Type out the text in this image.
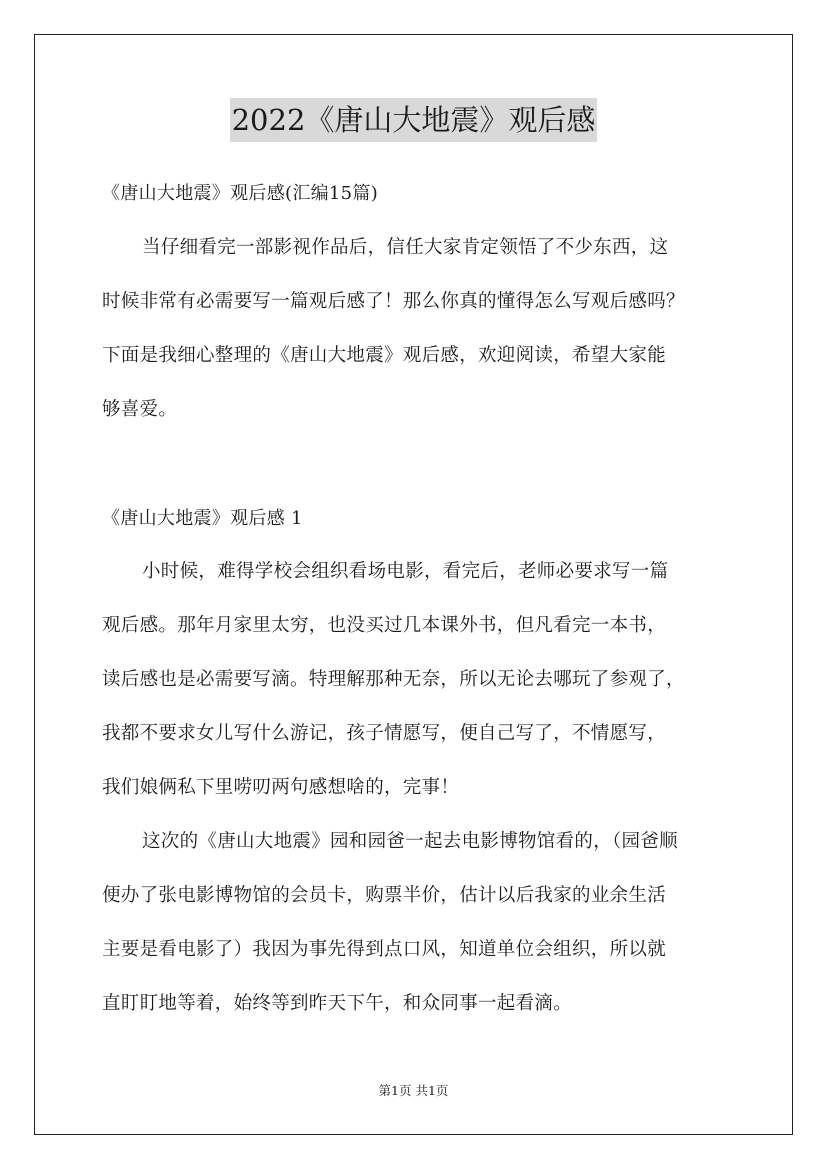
2022《唐山大地震》观后感
《唐山大地震》观后感(汇编15篇)
当仔细看完一部影视作品后，信任大家肯定领悟了不少东西，这
时候非常有必需要写一篇观后感了！那么你真的懂得怎么写观后感吗？
下面是我细心整理的《唐山大地震》观后感，欢迎阅读，希望大家能
够喜爱。
《唐山大地震》观后感 1
小时候，难得学校会组织看场电影，看完后，老师必要求写一篇
观后感。那年月家里太穷，也没买过几本课外书，但凡看完一本书，
读后感也是必需要写滴。特理解那种无奈，所以无论去哪玩了参观了，
我都不要求女儿写什么游记，孩子情愿写，便自己写了，不情愿写，
我们娘俩私下里唠叨两句感想啥的，完事！
这次的《唐山大地震》园和园爸一起去电影博物馆看的，（园爸顺
便办了张电影博物馆的会员卡，购票半价，估计以后我家的业余生活
主要是看电影了）我因为事先得到点口风，知道单位会组织，所以就
直盯盯地等着，始终等到昨天下午，和众同事一起看滴。
第1页 共1页
